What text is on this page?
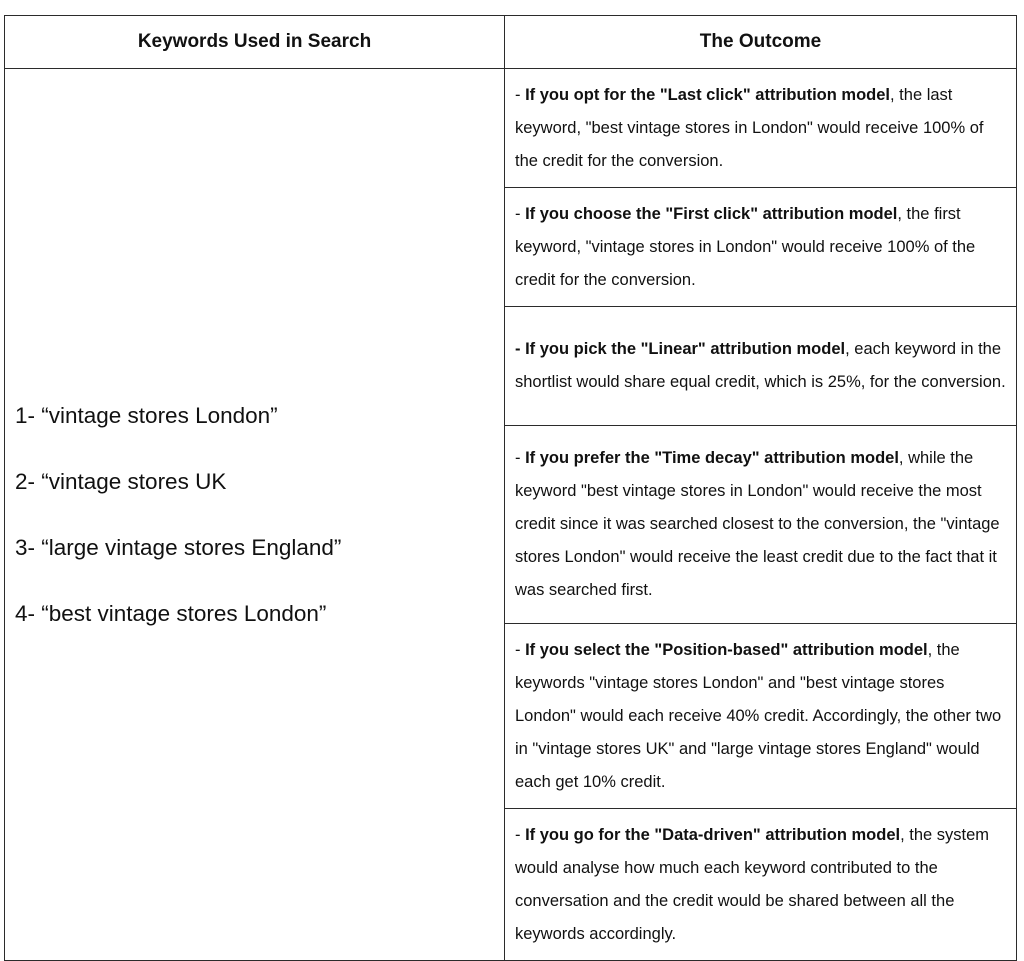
Keywords Used in Search	The Outcome

1- “vintage stores London”
2- “vintage stores UK
3- “large vintage stores England”
4- “best vintage stores London”	- If you opt for the "Last click" attribution model, the last keyword, "best vintage stores in London" would receive 100% of the credit for the conversion.

	- If you choose the "First click" attribution model, the first keyword, "vintage stores in London" would receive 100% of the credit for the conversion.

	- If you pick the "Linear" attribution model, each keyword in the shortlist would share equal credit, which is 25%, for the conversion.

	- If you prefer the "Time decay" attribution model, while the keyword "best vintage stores in London" would receive the most credit since it was searched closest to the conversion, the "vintage stores London" would receive the least credit due to the fact that it was searched first.

	- If you select the "Position-based" attribution model, the keywords "vintage stores London" and "best vintage stores London" would each receive 40% credit. Accordingly, the other two in "vintage stores UK" and "large vintage stores England" would each get 10% credit.

	- If you go for the "Data-driven" attribution model, the system would analyse how much each keyword contributed to the conversation and the credit would be shared between all the keywords accordingly.
